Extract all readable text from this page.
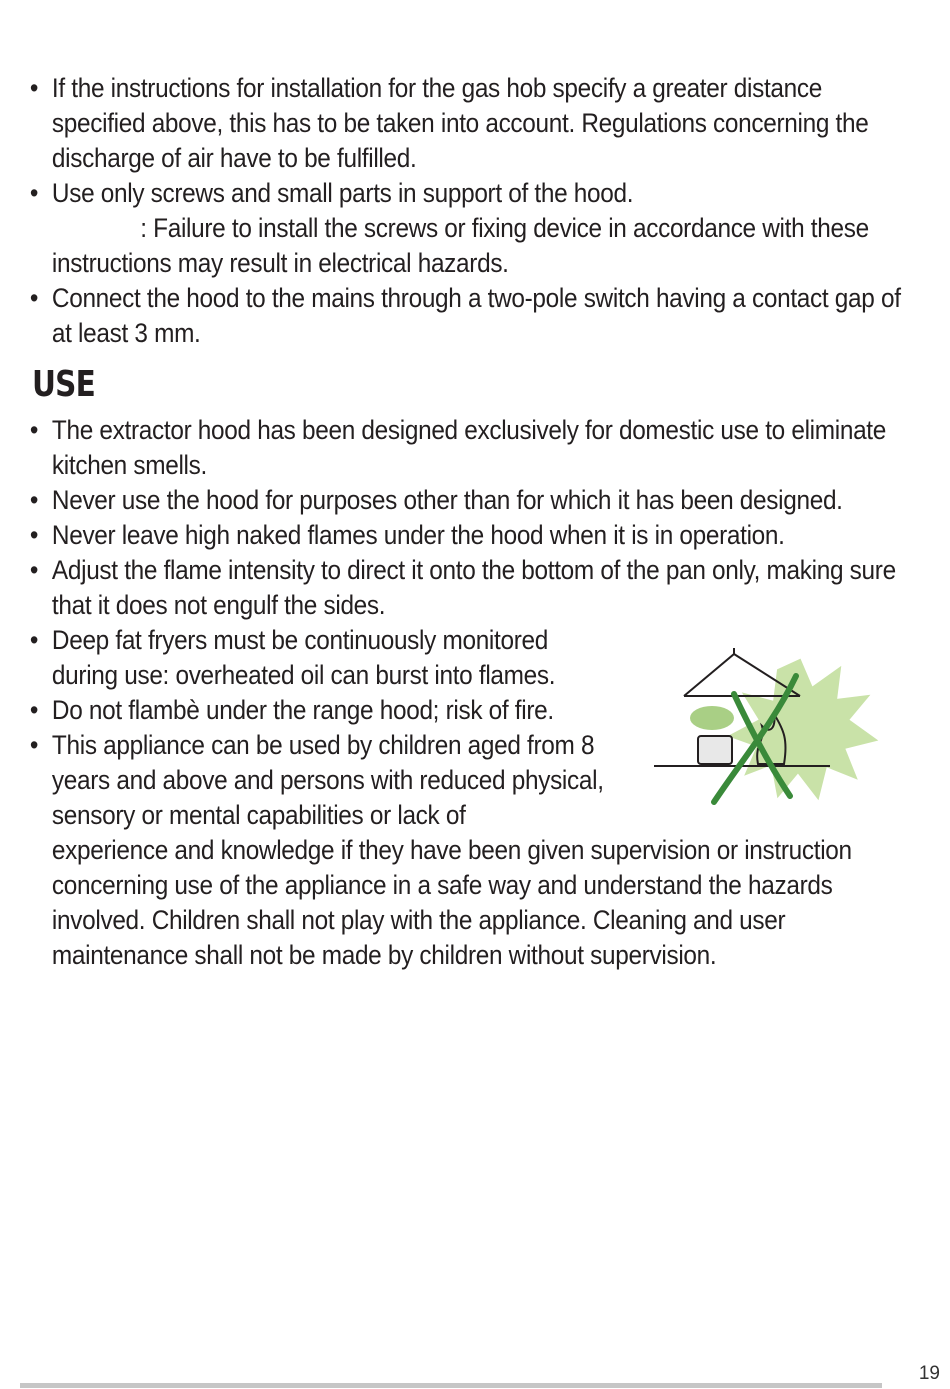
• If the instructions for installation for the gas hob specify a greater distance specified above, this has to be taken into account. Regulations concerning the discharge of air have to be fulfilled.
• Use only screws and small parts in support of the hood.
: Failure to install the screws or fixing device in accordance with these instructions may result in electrical hazards.
• Connect the hood to the mains through a two-pole switch having a contact gap of at least 3 mm.
USE
• The extractor hood has been designed exclusively for domestic use to eliminate kitchen smells.
• Never use the hood for purposes other than for which it has been designed.
• Never leave high naked flames under the hood when it is in operation.
• Adjust the flame intensity to direct it onto the bottom of the pan only, making sure that it does not engulf the sides.
• Deep fat fryers must be continuously monitored during use: overheated oil can burst into flames.
• Do not flambè under the range hood; risk of fire.
• This appliance can be used by children aged from 8 years and above and persons with reduced physical, sensory or mental capabilities or lack of
experience and knowledge if they have been given supervision or instruction concerning use of the appliance in a safe way and understand the hazards involved. Children shall not play with the appliance. Cleaning and user maintenance shall not be made by children without supervision.
19
